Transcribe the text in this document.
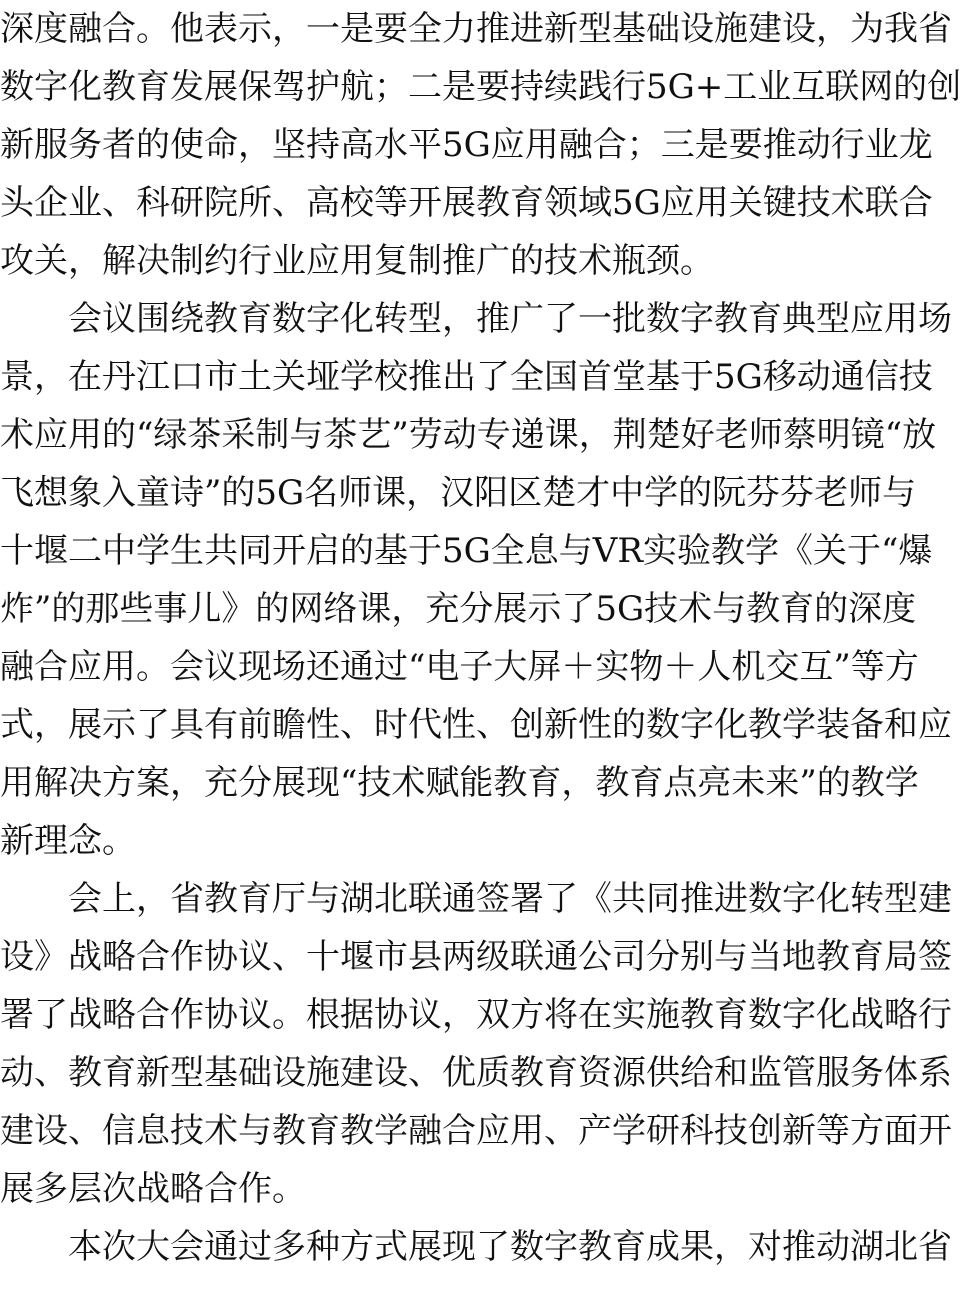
深度融合。他表示，一是要全力推进新型基础设施建设，为我省

数字化教育发展保驾护航；二是要持续践行5G+工业互联网的创

新服务者的使命，坚持高水平5G应用融合；三是要推动行业龙

头企业、科研院所、高校等开展教育领域5G应用关键技术联合

攻关，解决制约行业应用复制推广的技术瓶颈。

会议围绕教育数字化转型，推广了一批数字教育典型应用场

景，在丹江口市土关垭学校推出了全国首堂基于5G移动通信技

术应用的“绿茶采制与茶艺”劳动专递课，荆楚好老师蔡明镜“放

飞想象入童诗”的5G名师课，汉阳区楚才中学的阮芬芬老师与

十堰二中学生共同开启的基于5G全息与VR实验教学《关于“爆

炸”的那些事儿》的网络课，充分展示了5G技术与教育的深度

融合应用。会议现场还通过“电子大屏＋实物＋人机交互”等方

式，展示了具有前瞻性、时代性、创新性的数字化教学装备和应

用解决方案，充分展现“技术赋能教育，教育点亮未来”的教学

新理念。

会上，省教育厅与湖北联通签署了《共同推进数字化转型建

设》战略合作协议、十堰市县两级联通公司分别与当地教育局签

署了战略合作协议。根据协议，双方将在实施教育数字化战略行

动、教育新型基础设施建设、优质教育资源供给和监管服务体系

建设、信息技术与教育教学融合应用、产学研科技创新等方面开

展多层次战略合作。

本次大会通过多种方式展现了数字教育成果，对推动湖北省
